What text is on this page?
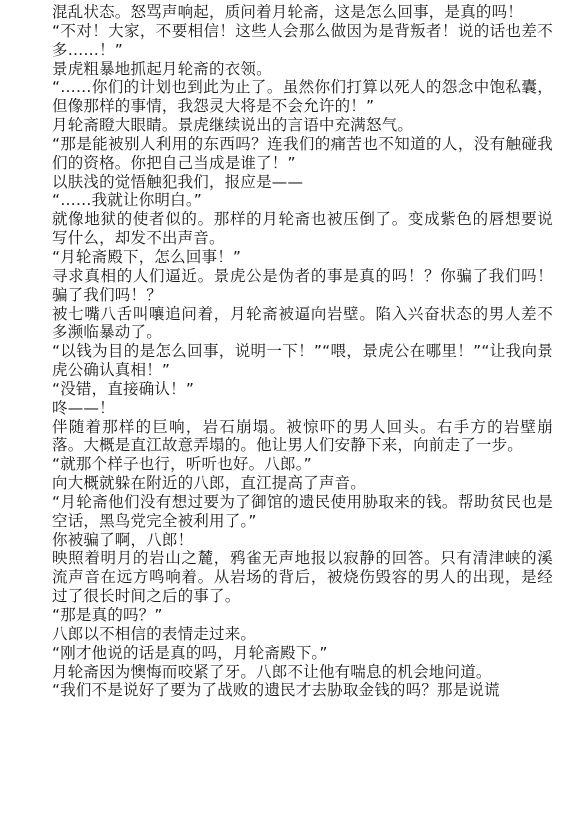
混乱状态。怒骂声响起，质问着月轮斋，这是怎么回事，是真的吗！

“不对！大家，不要相信！这些人会那么做因为是背叛者！说的话也差不多……！”

景虎粗暴地抓起月轮斋的衣领。

“……你们的计划也到此为止了。虽然你们打算以死人的怨念中饱私囊，但像那样的事情，我怨灵大将是不会允许的！”

月轮斋瞪大眼睛。景虎继续说出的言语中充满怒气。

“那是能被别人利用的东西吗？连我们的痛苦也不知道的人，没有触碰我们的资格。你把自己当成是谁了！”

以肤浅的觉悟触犯我们，报应是——

“……我就让你明白。”

就像地狱的使者似的。那样的月轮斋也被压倒了。变成紫色的唇想要说写什么，却发不出声音。

“月轮斋殿下，怎么回事！”

寻求真相的人们逼近。景虎公是伪者的事是真的吗！？你骗了我们吗！骗了我们吗！？

被七嘴八舌叫嚷追问着，月轮斋被逼向岩壁。陷入兴奋状态的男人差不多濒临暴动了。

“以钱为目的是怎么回事，说明一下！”“喂，景虎公在哪里！”“让我向景虎公确认真相！”

“没错，直接确认！”

咚——！

伴随着那样的巨响，岩石崩塌。被惊吓的男人回头。右手方的岩壁崩落。大概是直江故意弄塌的。他让男人们安静下来，向前走了一步。

“就那个样子也行，听听也好。八郎。”

向大概就躲在附近的八郎，直江提高了声音。

“月轮斋他们没有想过要为了御馆的遗民使用胁取来的钱。帮助贫民也是空话，黑鸟党完全被利用了。”

你被骗了啊，八郎！

映照着明月的岩山之麓，鸦雀无声地报以寂静的回答。只有清津峡的溪流声音在远方鸣响着。从岩场的背后，被烧伤毁容的男人的出现，是经过了很长时间之后的事了。

“那是真的吗？”

八郎以不相信的表情走过来。

“刚才他说的话是真的吗，月轮斋殿下。”

月轮斋因为懊悔而咬紧了牙。八郎不让他有喘息的机会地问道。

“我们不是说好了要为了战败的遗民才去胁取金钱的吗？那是说谎
